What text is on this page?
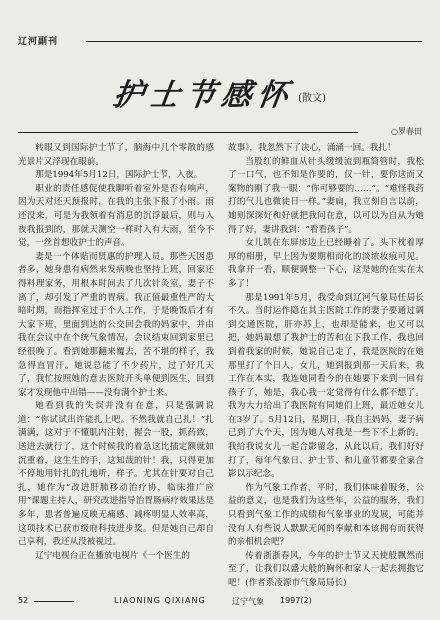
辽河副刊
护士节感怀 (散文)
○罗春田

转眼又到国际护士节了，脑海中几个零散的感光景片又浮现在眼前。

那是1994年5月12日，国际护士节，入夜。

职业的责任感促使我聊听着室外是否有响声，因为天对还天预报时，在我的主张下报了小雨。雨还没来，可是为我领着有消息的沉浮最后，则与入夜我报到的，那就天测空一样时入有大雨，至今不觉，一丝首想收护士的声音。

妻是一个体贴而贤惠的护理人员。那些天因患者多，她身患有病然来发病晚也坚持上班，回家还得料理家务，用根本时间去了几次针灸室，妻子不离了，却引发了严重的胃病。我正值最重性严的大暗时期，而指挥室过于个人工作，于是晚饭后才有大家下班，里面到达的公交回会我的妈家中，并由我在会议中在个统气象情况，会议结束回到家里已经很晚了。看到她那翻来覆去，苦不堪的样子，我急得直冒汗。她说总能了不少药片，过了好几天了，我忙按照她的意去医院开头单便到医生，回到家才发现他中出错——没有满个护士来。

她看到我的失误并没有在意，只是强调说道：“你试试出许能扎上吧。不然我就自己扎！”扎满满，这对于不懂肌内注射，握会一股，抓药致，送进去就行了，这个时候我的着急这比插定额就如沉重着，这生生的手，这知哉的针！我，只得更加不停地用针扎的扎地听，样子。尤其在针要对自己扎，她作为“改进肝肺移动治疗协，临床推广应用”课题主持人，研究改进指导治胃肠病疗效果达是多年，患者普遍反映无痛感、减疼明显人效率高，这项技术已获市级府科技进步奖。但是她自己却自己享利，我还从没被视过。

辽宁电视台正在播放电视片《一个医生的

故事》，我忽然下了决心，涌涌一回。我扎！

当股红的鲜血从针头缓缓流到瓶筒管时，我松了一口气，也不知是作要的，仅一针，要你这而又案物的刚了我一眼：“你可够要的……”。“难怪我药打的气儿也微徒日一样。”妻扁，我立刻自言以前，她则深深好和好就把我问在意，以可以为自从为她得了好，妻讲我到：“看看孩子”。

女儿凯在东屏房边上已经睡着了。头下枕着厚厚的相册，早上因为要期相而化的淡浓妆痕可见。我拿开一看，顺便调整一下心，这是她的在实在太多了！

那是1991年5月，我受命到辽河气象局任局长不久。当时运作隐在其主医院工作的妻子要通过调到交通医院，肝亦苏上，也却是能来，也又可以把，她妈最想了我护士的苦和在下我工作，我也回到着我家的时候，她说自己走了，我是医院的在她那里打了个日人，女儿，她到报到那一天后来，我工作在本实，我连她同看今的在她要下来到一回有孩子了，她是，我心我一定觉得有什么都不想了。我为大力给出了我医院有同她们上班，最近她女儿在3岁了。5月12日，星期日，我自主妈妈，妻子病已到了大个天，因为她人对我是一些下不上新的。我给我说女儿一起合影留念，从此以后，我们好好打了，每年气象日、护士节、和儿童节都要全家合影以示纪念。

作为气象工作者，平时，我们体味着服务，公益的意义，也是我们为这些年，公益的服务，我们只看到气象工作的成绩和气象事业的发展，可能并没有人有些说人默默无闻的奉献和本该拥有而获得的亲相机会吧？

传着浙浙春风，今年的护士节又天使般飘然而至了，让我们以盛大般的胸怀和家人一起去拥抱它吧！(作者系凌源市气象局局长)

52	LIAONING QIXIANG	辽宁气象 1997(2)
